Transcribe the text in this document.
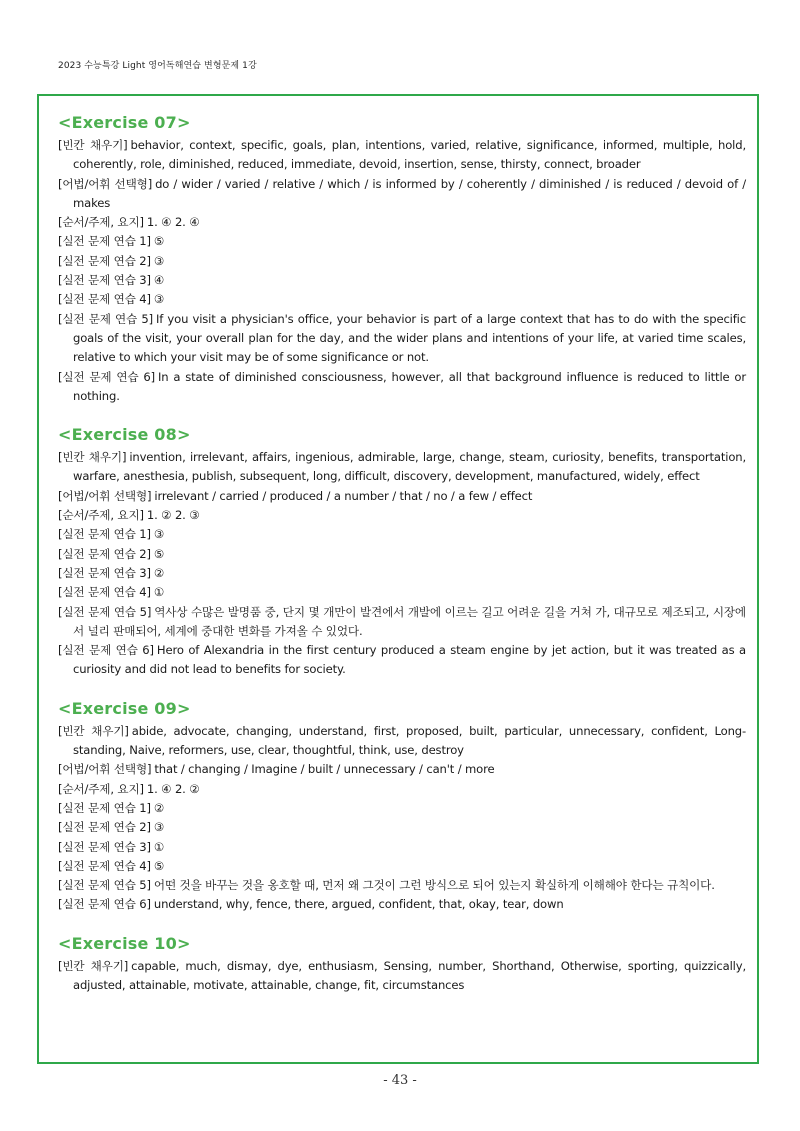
2023 수능특강 Light 영어독해연습 변형문제 1강
<Exercise 07>

[빈칸 채우기] behavior, context, specific, goals, plan, intentions, varied, relative, significance, informed, multiple, hold, coherently, role, diminished, reduced, immediate, devoid, insertion, sense, thirsty, connect, broader

[어법/어휘 선택형] do / wider / varied / relative / which / is informed by / coherently / diminished / is reduced / devoid of / makes

[순서/주제, 요지] 1. ④ 2. ④

[실전 문제 연습 1] ⑤

[실전 문제 연습 2] ③

[실전 문제 연습 3] ④

[실전 문제 연습 4] ③

[실전 문제 연습 5] If you visit a physician's office, your behavior is part of a large context that has to do with the specific goals of the visit, your overall plan for the day, and the wider plans and intentions of your life, at varied time scales, relative to which your visit may be of some significance or not.

[실전 문제 연습 6] In a state of diminished consciousness, however, all that background influence is reduced to little or nothing.

<Exercise 08>

[빈칸 채우기] invention, irrelevant, affairs, ingenious, admirable, large, change, steam, curiosity, benefits, transportation, warfare, anesthesia, publish, subsequent, long, difficult, discovery, development, manufactured, widely, effect

[어법/어휘 선택형] irrelevant / carried / produced / a number / that / no / a few / effect

[순서/주제, 요지] 1. ② 2. ③

[실전 문제 연습 1] ③

[실전 문제 연습 2] ⑤

[실전 문제 연습 3] ②

[실전 문제 연습 4] ①

[실전 문제 연습 5] 역사상 수많은 발명품 중, 단지 몇 개만이 발견에서 개발에 이르는 길고 어려운 길을 거쳐 가, 대규모로 제조되고, 시장에서 널리 판매되어, 세계에 중대한 변화를 가져올 수 있었다.

[실전 문제 연습 6] Hero of Alexandria in the first century produced a steam engine by jet action, but it was treated as a curiosity and did not lead to benefits for society.

<Exercise 09>

[빈칸 채우기] abide, advocate, changing, understand, first, proposed, built, particular, unnecessary, confident, Long-standing, Naive, reformers, use, clear, thoughtful, think, use, destroy

[어법/어휘 선택형] that / changing / Imagine / built / unnecessary / can't / more

[순서/주제, 요지] 1. ④ 2. ②

[실전 문제 연습 1] ②

[실전 문제 연습 2] ③

[실전 문제 연습 3] ①

[실전 문제 연습 4] ⑤

[실전 문제 연습 5] 어떤 것을 바꾸는 것을 옹호할 때, 먼저 왜 그것이 그런 방식으로 되어 있는지 확실하게 이해해야 한다는 규칙이다.

[실전 문제 연습 6] understand, why, fence, there, argued, confident, that, okay, tear, down

<Exercise 10>

[빈칸 채우기] capable, much, dismay, dye, enthusiasm, Sensing, number, Shorthand, Otherwise, sporting, quizzically, adjusted, attainable, motivate, attainable, change, fit, circumstances

- 43 -
